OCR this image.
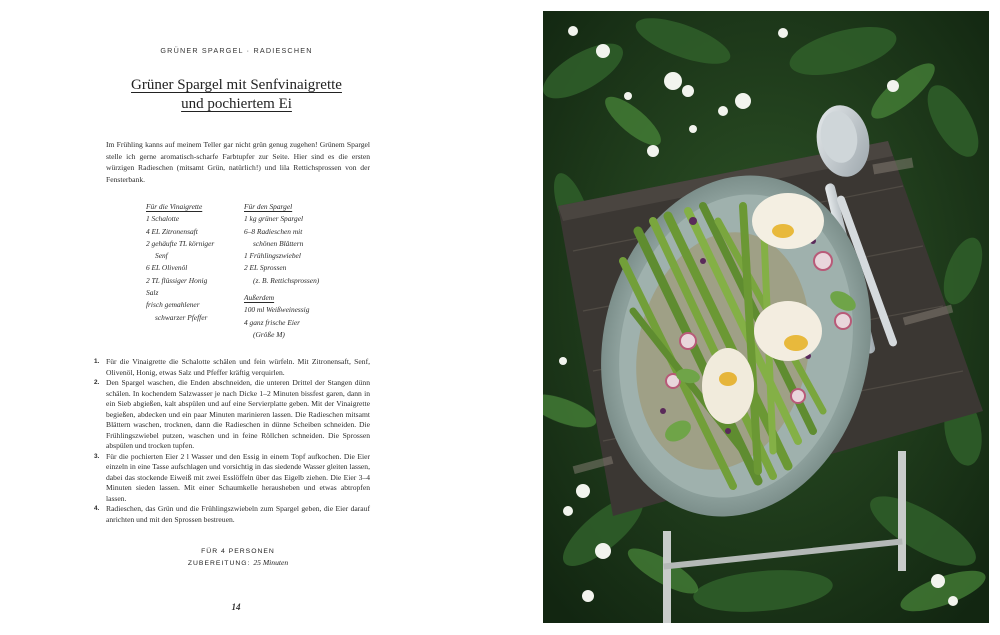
GRÜNER SPARGEL · RADIESCHEN
Grüner Spargel mit Senfvinaigrette
und pochiertem Ei
Im Frühling kanns auf meinem Teller gar nicht grün genug zugehen! Grünem Spargel stelle ich gerne aromatisch-scharfe Farbtupfer zur Seite. Hier sind es die ersten würzigen Radieschen (mitsamt Grün, natürlich!) und lila Rettichsprossen von der Fensterbank.
Für die Vinaigrette
1 Schalotte
4 EL Zitronensaft
2 gehäufte TL körniger
Senf
6 EL Olivenöl
2 TL flüssiger Honig
Salz
frisch gemahlener
schwarzer Pfeffer
Für den Spargel
1 kg grüner Spargel
6–8 Radieschen mit
schönen Blättern
1 Frühlingszwiebel
2 EL Sprossen
(z. B. Rettichsprossen)
Außerdem
100 ml Weißweinessig
4 ganz frische Eier
(Größe M)
1. Für die Vinaigrette die Schalotte schälen und fein würfeln. Mit Zitronensaft, Senf, Olivenöl, Honig, etwas Salz und Pfeffer kräftig verquirlen.
2. Den Spargel waschen, die Enden abschneiden, die unteren Drittel der Stangen dünn schälen. In kochendem Salzwasser je nach Dicke 1–2 Minuten bissfest garen, dann in ein Sieb abgießen, kalt abspülen und auf eine Servierplatte geben. Mit der Vinaigrette begießen, abdecken und ein paar Minuten marinieren lassen. Die Radieschen mitsamt Blättern waschen, trocknen, dann die Radieschen in dünne Scheiben schneiden. Die Frühlingszwiebel putzen, waschen und in feine Röllchen schneiden. Die Sprossen abspülen und trocken tupfen.
3. Für die pochierten Eier 2 l Wasser und den Essig in einem Topf aufkochen. Die Eier einzeln in eine Tasse aufschlagen und vorsichtig in das siedende Wasser gleiten lassen, dabei das stockende Eiweiß mit zwei Esslöffeln über das Eigelb ziehen. Die Eier 3–4 Minuten sieden lassen. Mit einer Schaumkelle herausheben und etwas abtropfen lassen.
4. Radieschen, das Grün und die Frühlingszwiebeln zum Spargel geben, die Eier darauf anrichten und mit den Sprossen bestreuen.
FÜR 4 PERSONEN
ZUBEREITUNG: 25 Minuten
14
